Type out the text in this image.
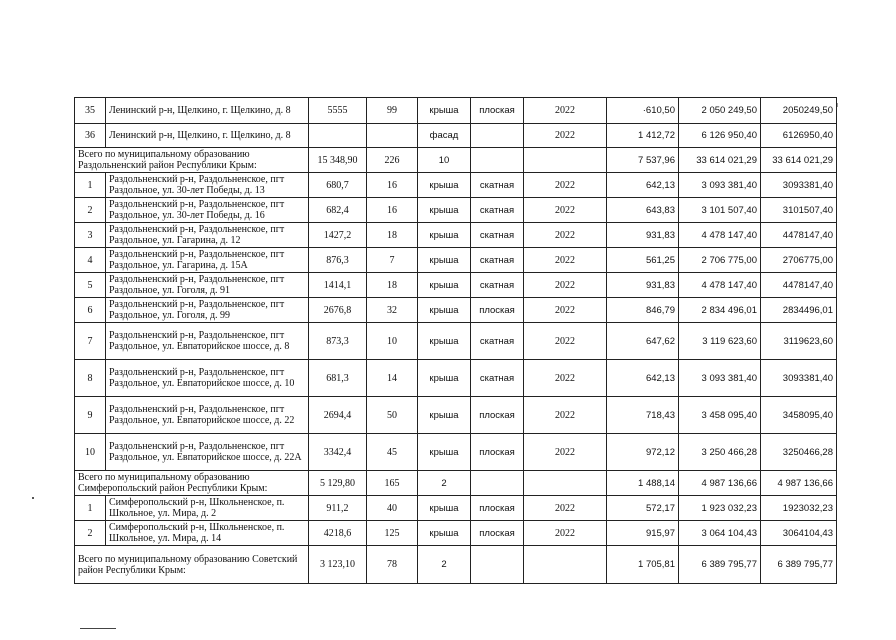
35	Ленинский р-н, Щелкино, г. Щелкино, д. 8	5555	99	крыша	плоская	2022	·610,50	2 050 249,50	2050249,50
36	Ленинский р-н, Щелкино, г. Щелкино, д. 8			фасад		2022	1 412,72	6 126 950,40	6126950,40
Всего по муниципальному образованию Раздольненский район Республики Крым:		15 348,90	226	10			7 537,96	33 614 021,29	33 614 021,29
1	Раздольненский р-н, Раздольненское, пгт Раздольное, ул. 30-лет Победы, д. 13	680,7	16	крыша	скатная	2022	642,13	3 093 381,40	3093381,40
2	Раздольненский р-н, Раздольненское, пгт Раздольное, ул. 30-лет Победы, д. 16	682,4	16	крыша	скатная	2022	643,83	3 101 507,40	3101507,40
3	Раздольненский р-н, Раздольненское, пгт Раздольное, ул. Гагарина, д. 12	1427,2	18	крыша	скатная	2022	931,83	4 478 147,40	4478147,40
4	Раздольненский р-н, Раздольненское, пгт Раздольное, ул. Гагарина, д. 15А	876,3	7	крыша	скатная	2022	561,25	2 706 775,00	2706775,00
5	Раздольненский р-н, Раздольненское, пгт Раздольное, ул. Гоголя, д. 91	1414,1	18	крыша	скатная	2022	931,83	4 478 147,40	4478147,40
6	Раздольненский р-н, Раздольненское, пгт Раздольное, ул. Гоголя, д. 99	2676,8	32	крыша	плоская	2022	846,79	2 834 496,01	2834496,01
7	Раздольненский р-н, Раздольненское, пгт Раздольное, ул. Евпаторийское шоссе, д. 8	873,3	10	крыша	скатная	2022	647,62	3 119 623,60	3119623,60
8	Раздольненский р-н, Раздольненское, пгт Раздольное, ул. Евпаторийское шоссе, д. 10	681,3	14	крыша	скатная	2022	642,13	3 093 381,40	3093381,40
9	Раздольненский р-н, Раздольненское, пгт Раздольное, ул. Евпаторийское шоссе, д. 22	2694,4	50	крыша	плоская	2022	718,43	3 458 095,40	3458095,40
10	Раздольненский р-н, Раздольненское, пгт Раздольное, ул. Евпаторийское шоссе, д. 22А	3342,4	45	крыша	плоская	2022	972,12	3 250 466,28	3250466,28
Всего по муниципальному образованию Симферопольский район Республики Крым:		5 129,80	165	2			1 488,14	4 987 136,66	4 987 136,66
1	Симферопольский р-н, Школьненское, п. Школьное, ул. Мира, д. 2	911,2	40	крыша	плоская	2022	572,17	1 923 032,23	1923032,23
2	Симферопольский р-н, Школьненское, п. Школьное, ул. Мира, д. 14	4218,6	125	крыша	плоская	2022	915,97	3 064 104,43	3064104,43
Всего по муниципальному образованию Советский район Республики Крым:		3 123,10	78	2			1 705,81	6 389 795,77	6 389 795,77
